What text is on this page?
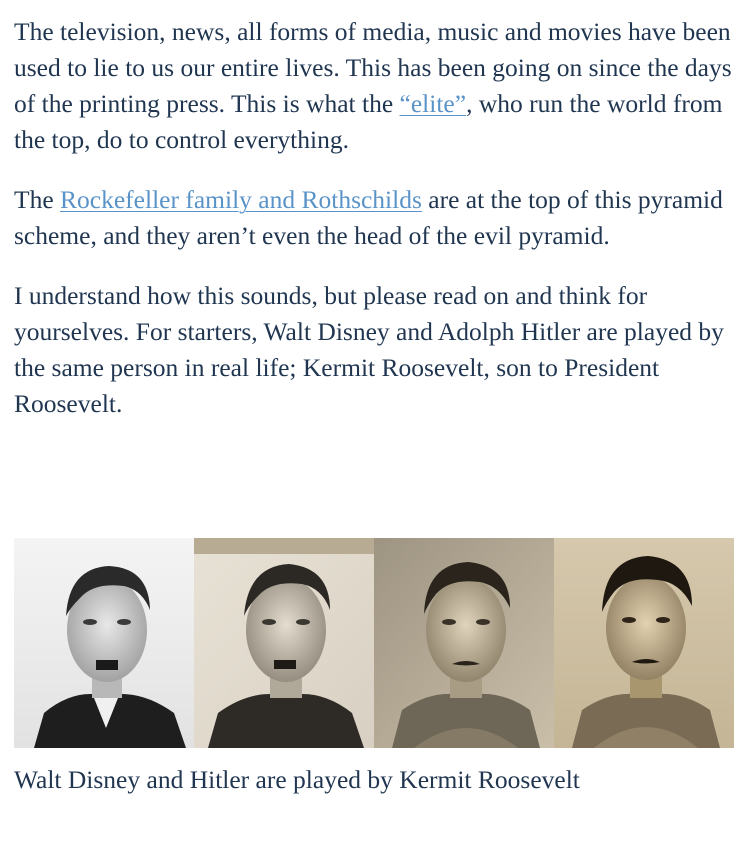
The television, news, all forms of media, music and movies have been used to lie to us our entire lives. This has been going on since the days of the printing press. This is what the “elite”, who run the world from the top, do to control everything.

The Rockefeller family and Rothschilds are at the top of this pyramid scheme, and they aren’t even the head of the evil pyramid.

I understand how this sounds, but please read on and think for yourselves. For starters, Walt Disney and Adolph Hitler are played by the same person in real life; Kermit Roosevelt, son to President Roosevelt.

Walt Disney and Hitler are played by Kermit Roosevelt
